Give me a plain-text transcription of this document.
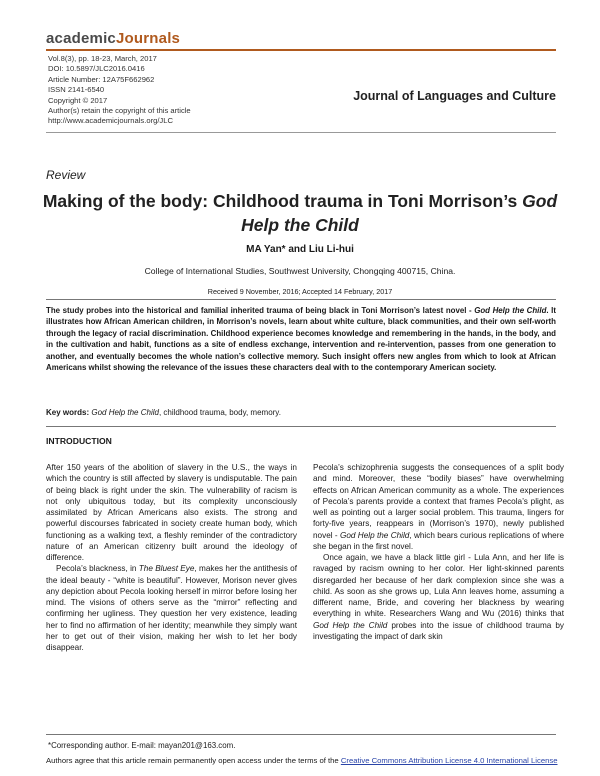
academicJournals
Vol.8(3), pp. 18-23, March, 2017
DOI: 10.5897/JLC2016.0416
Article Number: 12A75F662962
ISSN 2141-6540
Copyright © 2017
Author(s) retain the copyright of this article
http://www.academicjournals.org/JLC
Journal of Languages and Culture
Review
Making of the body: Childhood trauma in Toni Morrison’s God Help the Child
MA Yan* and Liu Li-hui
College of International Studies, Southwest University, Chongqing 400715, China.
Received 9 November, 2016; Accepted 14 February, 2017
The study probes into the historical and familial inherited trauma of being black in Toni Morrison’s latest novel - God Help the Child. It illustrates how African American children, in Morrison’s novels, learn about white culture, black communities, and their own self-worth through the legacy of racial discrimination. Childhood experience becomes knowledge and remembering in the hands, in the body, and in the cultivation and habit, functions as a site of endless exchange, intervention and re-intervention, passes from one generation to another, and eventually becomes the whole nation’s collective memory. Such insight offers new angles from which to look at African Americans whilst showing the relevance of the issues these characters deal with to the contemporary American society.
Key words: God Help the Child, childhood trauma, body, memory.
INTRODUCTION

After 150 years of the abolition of slavery in the U.S., the ways in which the country is still affected by slavery is undisputable. The pain of being black is right under the skin. The vulnerability of racism is not only ubiquitous today, but its complexity unconsciously assimilated by African Americans also exists. The strong and powerful discourses fabricated in society create human body, which functioning as a walking text, a fleshly reminder of the contradictory nature of an American citizenry built around the ideology of difference.

Pecola’s blackness, in The Bluest Eye, makes her the antithesis of the ideal beauty - “white is beautiful”. However, Morison never gives any depiction about Pecola looking herself in mirror before losing her mind. The visions of others serve as the “mirror” reflecting and confirming her ugliness. They question her very existence, leading her to find no affirmation of her identity; meanwhile they simply want her to get out of their vision, making her wish to let her body disappear.

Pecola’s schizophrenia suggests the consequences of a split body and mind. Moreover, these “bodily biases” have overwhelming effects on African American community as a whole. The experiences of Pecola’s parents provide a context that frames Pecola’s plight, as well as pointing out a larger social problem. This trauma, lingers for forty-five years, reappears in (Morrison’s 1970), newly published novel - God Help the Child, which bears curious replications of where she began in the first novel.

Once again, we have a black little girl - Lula Ann, and her life is ravaged by racism owning to her color. Her light-skinned parents disregarded her because of her dark complexion since she was a child. As soon as she grows up, Lula Ann leaves home, assuming a different name, Bride, and covering her blackness by wearing everything in white. Researchers Wang and Wu (2016) thinks that God Help the Child probes into the issue of childhood trauma by investigating the impact of dark skin

*Corresponding author. E-mail: mayan201@163.com.
Authors agree that this article remain permanently open access under the terms of the Creative Commons Attribution License 4.0 International License
